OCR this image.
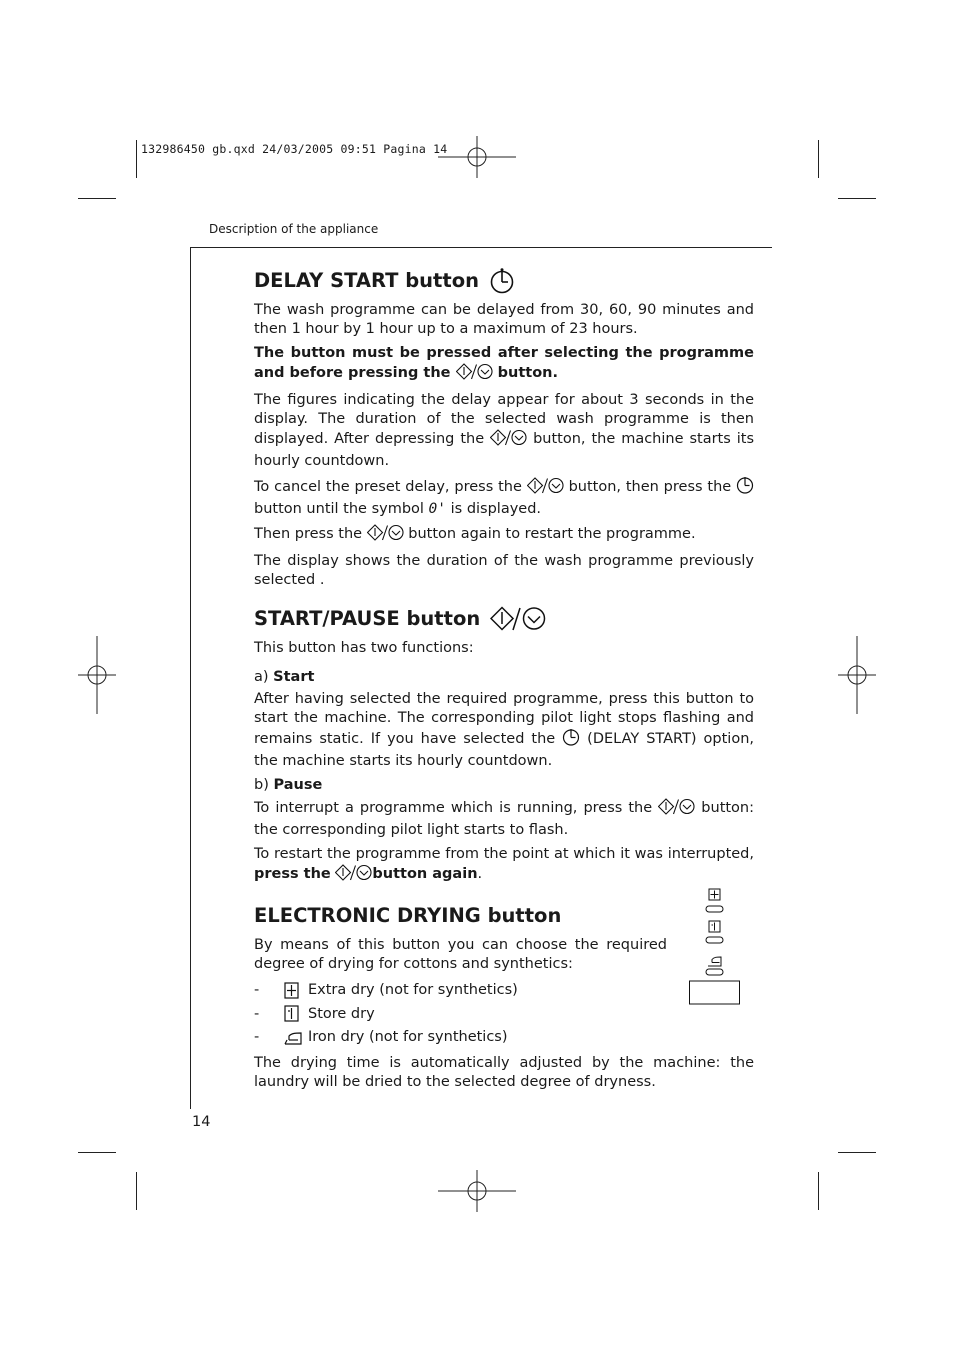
132986450 gb.qxd 24/03/2005 09:51 Pagina 14
Description of the appliance
DELAY START button

The wash programme can be delayed from 30, 60, 90 minutes and then 1 hour by 1 hour up to a maximum of 23 hours.

The button must be pressed after selecting the programme and before pressing the	button.

The figures indicating the delay appear for about 3 seconds in the display. The duration of the selected wash programme is then displayed. After depressing the	button, the machine starts its hourly countdown.

To cancel the preset delay, press the	button, then press the  button until the symbol 0' is displayed.

Then press the	button again to restart the programme.

The display shows the duration of the wash programme previously selected .

START/PAUSE button

This button has two functions:

a) Start

After having selected the required programme, press this button to start the machine. The corresponding pilot light stops flashing and remains static. If you have selected the (DELAY START) option, the machine starts its hourly countdown.

b) Pause

To interrupt a programme which is running, press the	button: the corresponding pilot light starts to flash.

To restart the programme from the point at which it was interrupted, press the	button again.

ELECTRONIC DRYING button

By means of this button you can choose the required degree of drying for cottons and synthetics:

-	Extra dry (not for synthetics)
-	Store dry
-	Iron dry (not for synthetics)

The drying time is automatically adjusted by the machine: the laundry will be dried to the selected degree of dryness.

14
